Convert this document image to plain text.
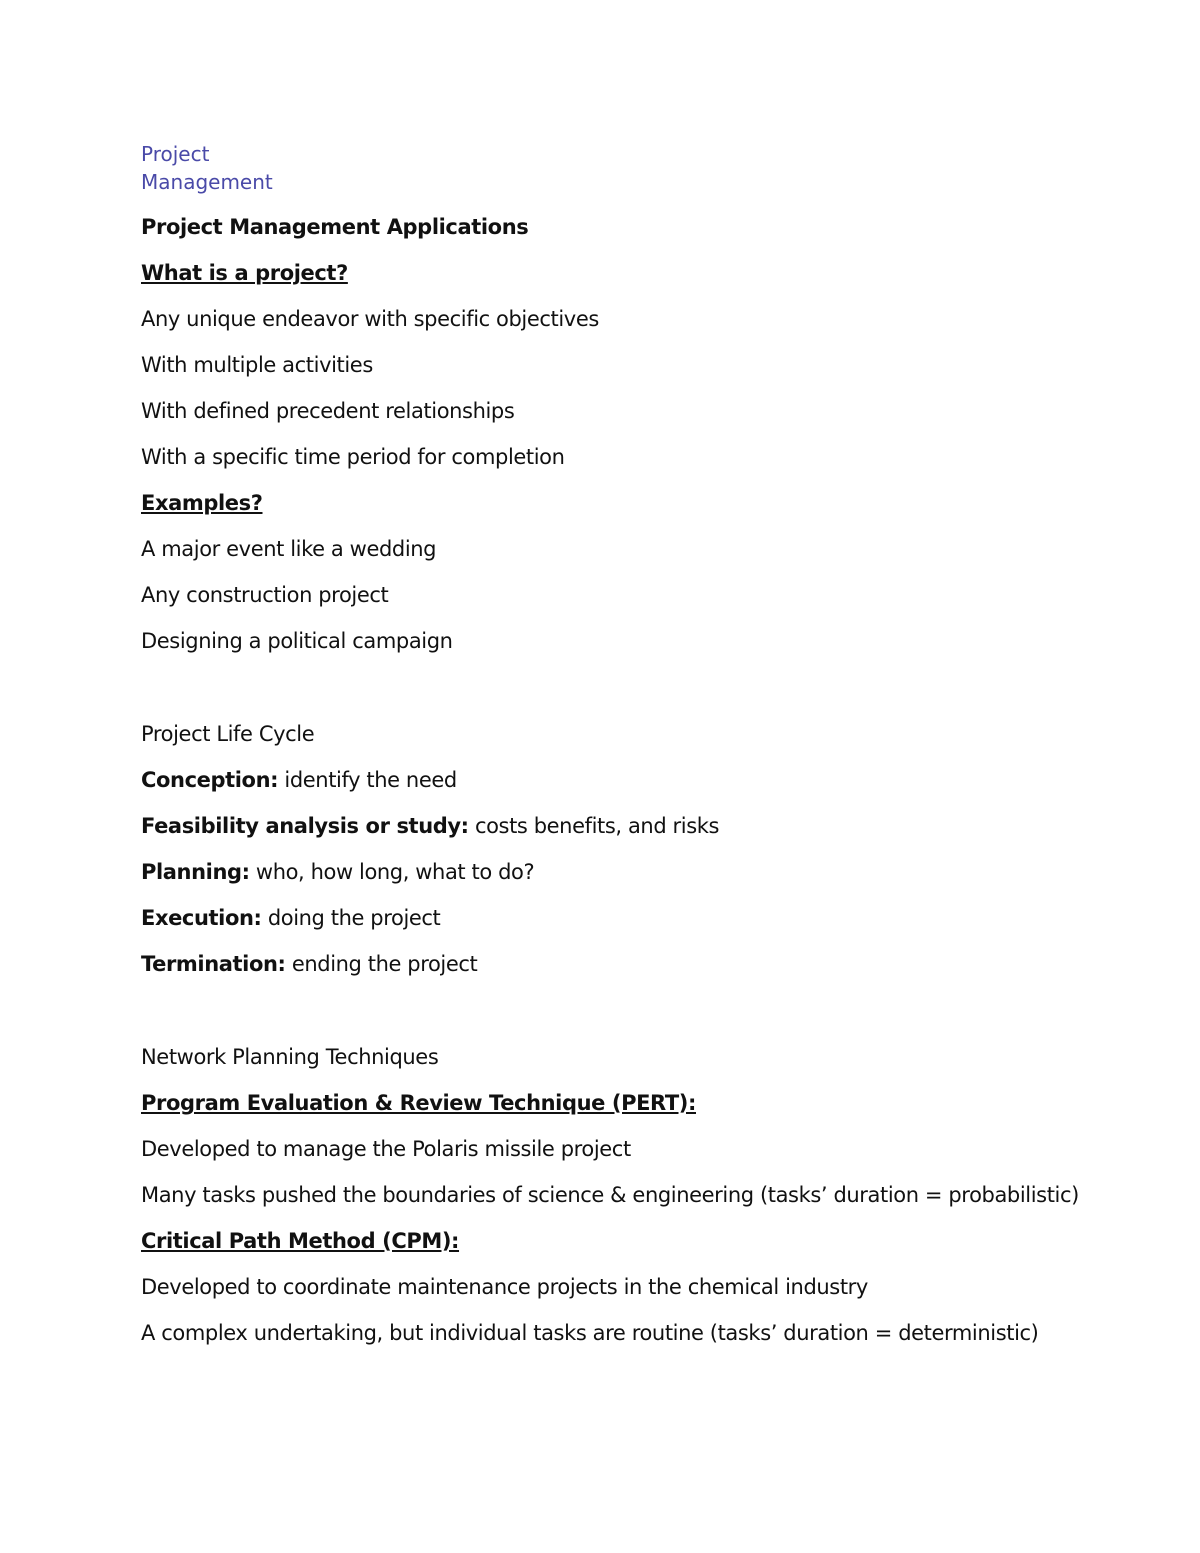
Project
Management

Project Management Applications

What is a project?

Any unique endeavor with specific objectives

With multiple activities

With defined precedent relationships

With a specific time period for completion

Examples?

A major event like a wedding

Any construction project

Designing a political campaign

Project Life Cycle

Conception: identify the need

Feasibility analysis or study: costs benefits, and risks

Planning: who, how long, what to do?

Execution: doing the project

Termination: ending the project

Network Planning Techniques

Program Evaluation & Review Technique (PERT):

Developed to manage the Polaris missile project

Many tasks pushed the boundaries of science & engineering (tasks’ duration = probabilistic)

Critical Path Method (CPM):

Developed to coordinate maintenance projects in the chemical industry

A complex undertaking, but individual tasks are routine (tasks’ duration = deterministic)
